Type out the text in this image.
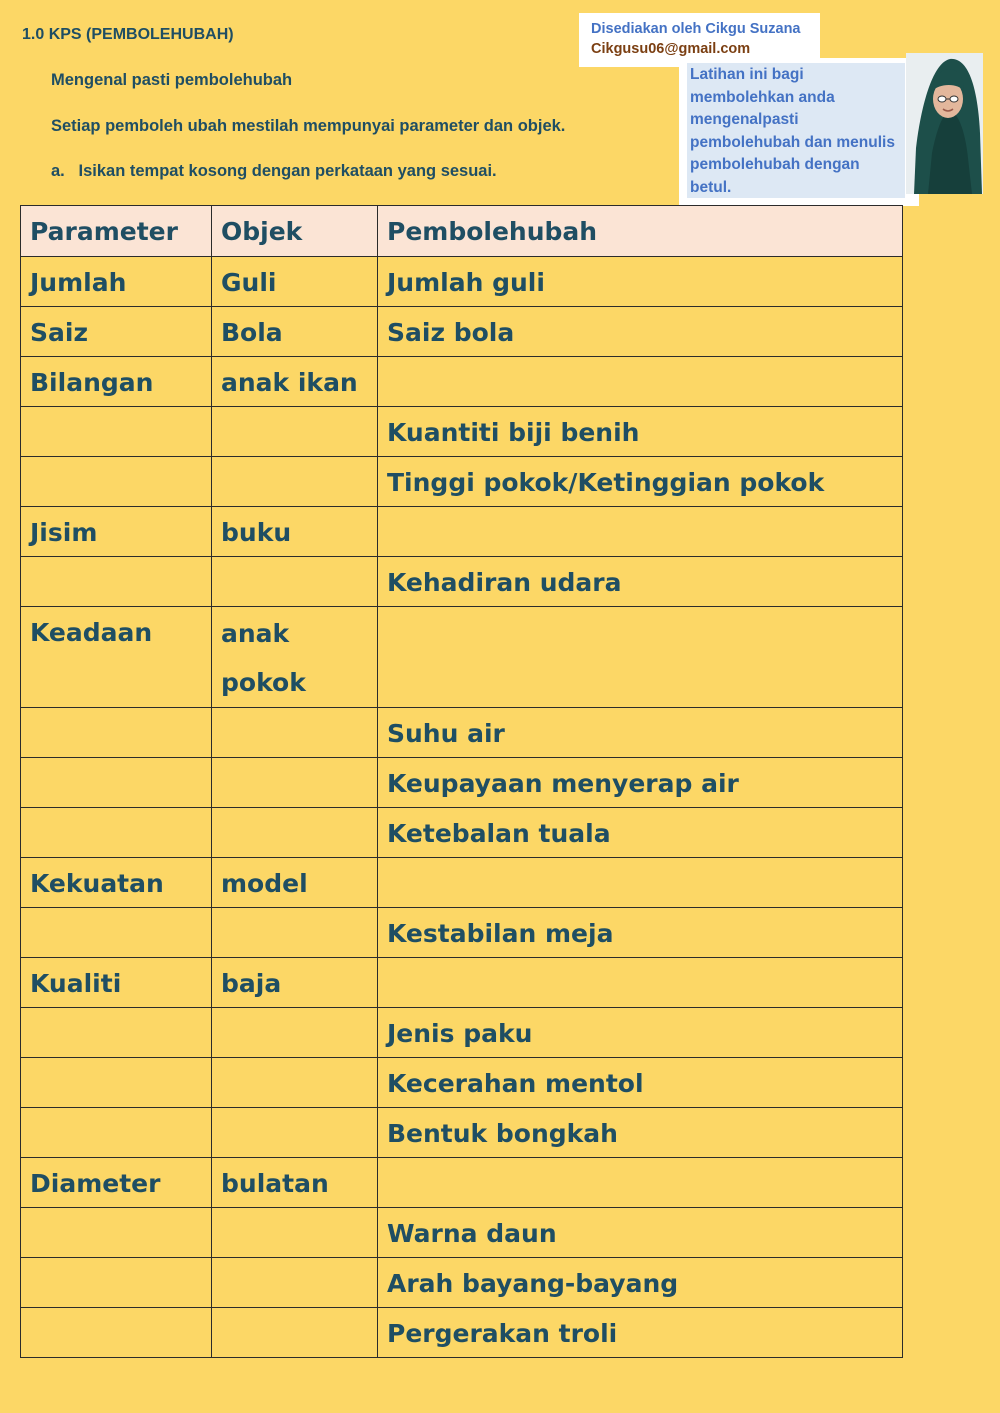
1.0 KPS (PEMBOLEHUBAH)
Mengenal pasti pembolehubah
Setiap pemboleh ubah mestilah mempunyai parameter dan objek.
a.   Isikan tempat kosong dengan perkataan yang sesuai.
Disediakan oleh Cikgu Suzana
Cikgusu06@gmail.com
Latihan ini bagi
membolehkan anda
mengenalpasti
pembolehubah dan menulis
pembolehubah dengan
betul.
Parameter	Objek	Pembolehubah
Jumlah	Guli	Jumlah guli
Saiz	Bola	Saiz bola
Bilangan	anak ikan	
		Kuantiti biji benih
		Tinggi pokok/Ketinggian pokok
Jisim	buku	
		Kehadiran udara
Keadaan	anak pokok	

		Suhu air
		Keupayaan menyerap air
		Ketebalan tuala
Kekuatan	model	
		Kestabilan meja
Kualiti	baja	
		Jenis paku
		Kecerahan mentol
		Bentuk bongkah
Diameter	bulatan	
		Warna daun
		Arah bayang-bayang
		Pergerakan troli
